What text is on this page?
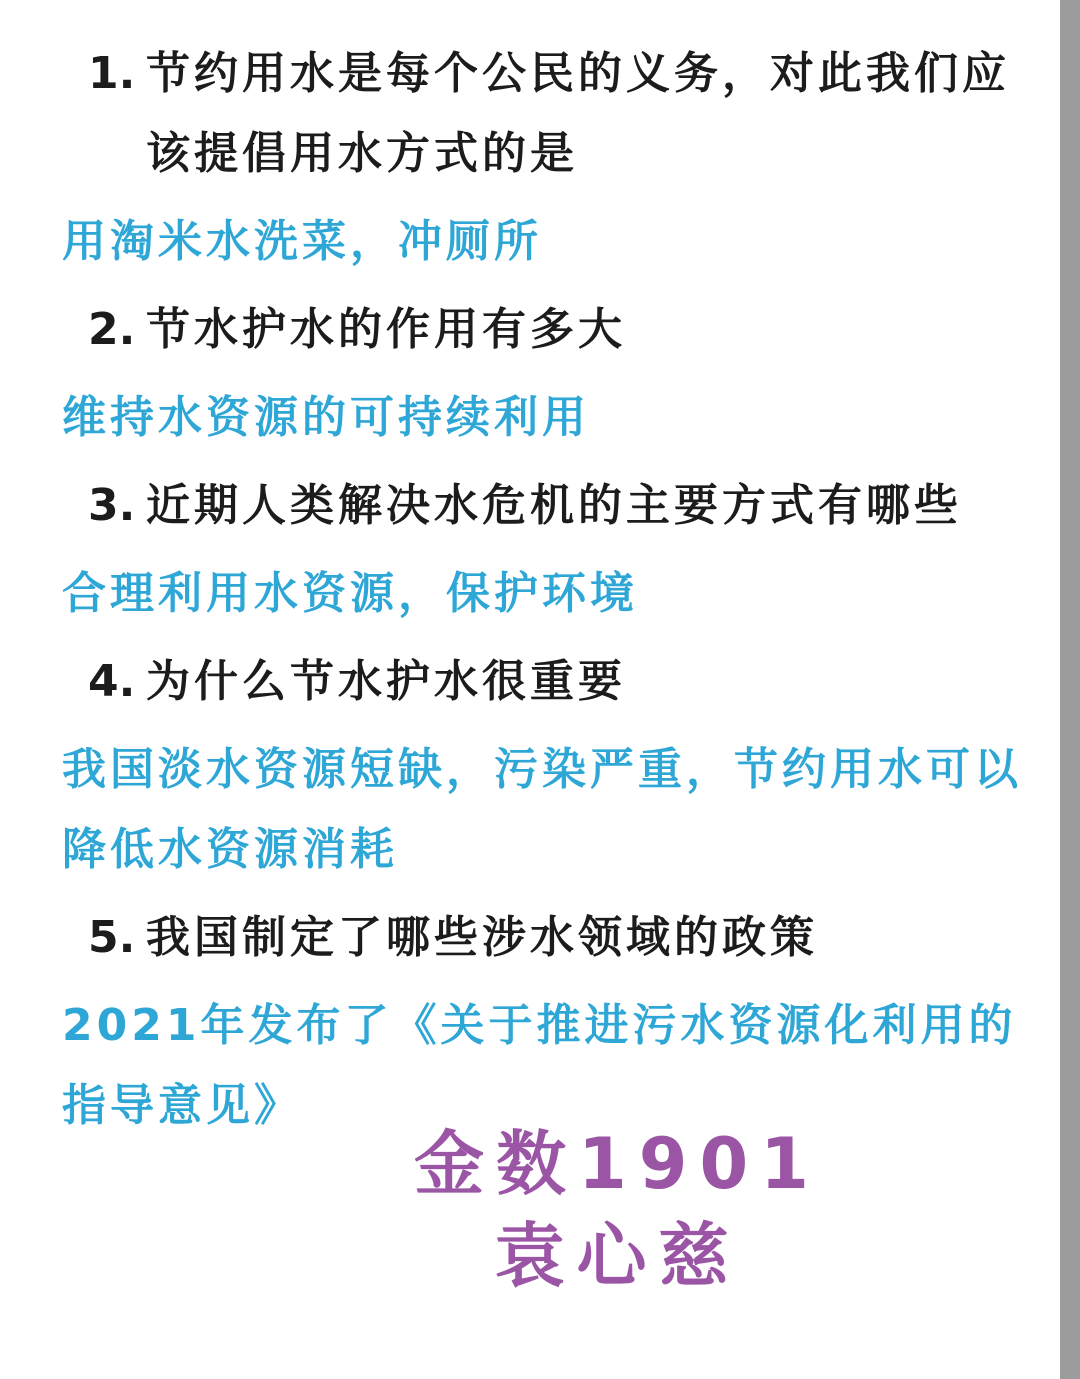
1. 节约用水是每个公民的义务，对此我们应该提倡用水方式的是
用淘米水洗菜，冲厕所
2. 节水护水的作用有多大
维持水资源的可持续利用
3. 近期人类解决水危机的主要方式有哪些
合理利用水资源，保护环境
4. 为什么节水护水很重要
我国淡水资源短缺，污染严重，节约用水可以降低水资源消耗
5. 我国制定了哪些涉水领域的政策
2021年发布了《关于推进污水资源化利用的指导意见》
金数1901
袁心慈
